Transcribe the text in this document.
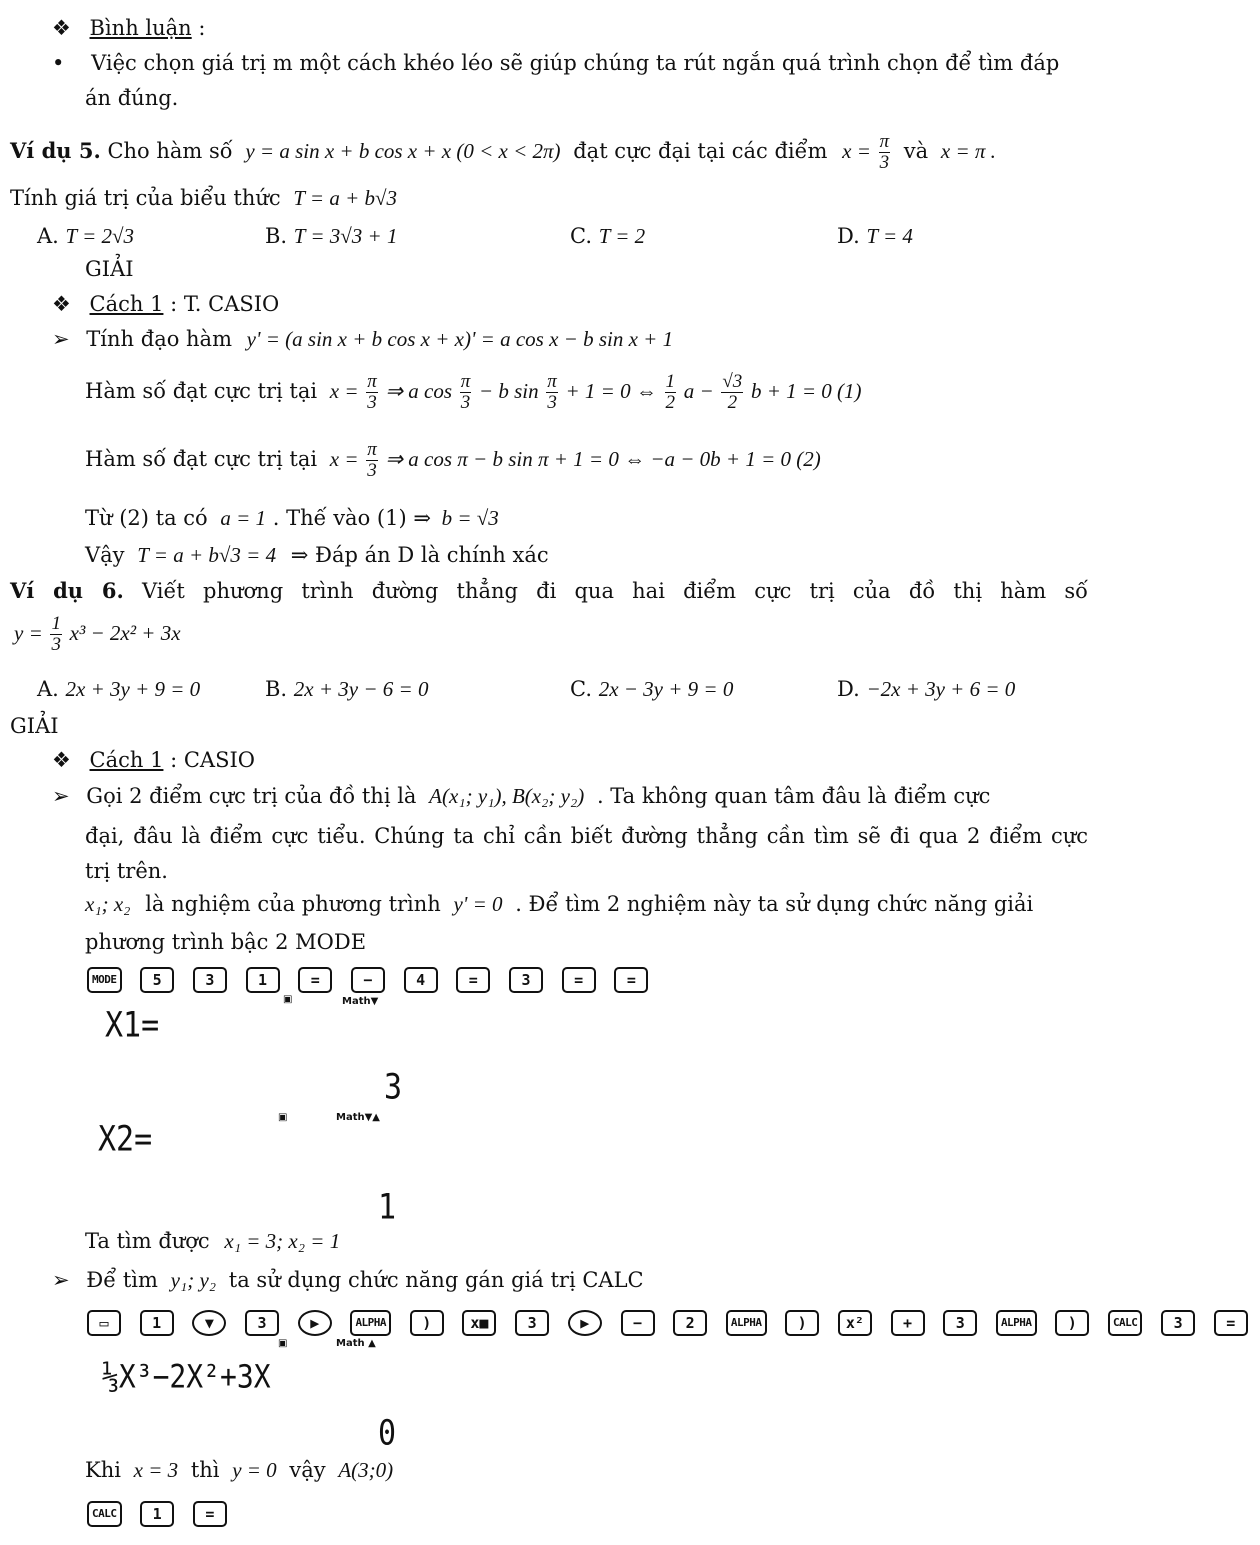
❖ Bình luận :
• Việc chọn giá trị m một cách khéo léo sẽ giúp chúng ta rút ngắn quá trình chọn để tìm đáp
án đúng.
Ví dụ 5. Cho hàm số y = a sin x + b cos x + x (0 < x < 2π) đạt cực đại tại các điểm $x = \frac{\pi}{3}$ và x = π .
Tính giá trị của biểu thức T = a + b√3
A. T = 2√3	B. T = 3√3 + 1	C. T = 2	D. T = 4
GIẢI
❖ Cách 1 : T. CASIO
➢ Tính đạo hàm y' = (a sin x + b cos x + x)' = a cos x − b sin x + 1
Hàm số đạt cực trị tại $x = \frac{\pi}{3}$ ⇒ a $\cos \frac{\pi}{3} - b$ $\sin \frac{\pi}{3} + 1 = 0$ ⇔ $\frac{1}{2}$ $a - \frac{√3}{2}$ b + 1 = 0 (1)
Hàm số đạt cực trị tại $x = \frac{\pi}{3}$ ⇒ a cos π − b sin π + 1 = 0 ⇔ −a − 0b + 1 = 0 (2)
Từ (2) ta có a = 1 . Thế vào (1) ⇒ b = √3
Vậy T = a + b√3 = 4 ⇒ Đáp án D là chính xác
Ví dụ 6. Viết phương trình đường thẳng đi qua hai điểm cực trị của đồ thị hàm số
$y = \frac{1}{3} x^3 - 2x^2 + 3x$
A. 2x + 3y + 9 = 0	B. 2x + 3y − 6 = 0	C. 2x − 3y + 9 = 0	D. −2x + 3y + 6 = 0
GIẢI
❖ Cách 1 : CASIO
➢ Gọi 2 điểm cực trị của đồ thị là A(x₁; y₁), B(x₂; y₂) . Ta không quan tâm đâu là điểm cực
đại, đâu là điểm cực tiểu. Chúng ta chỉ cần biết đường thẳng cần tìm sẽ đi qua 2 điểm cực
trị trên.
x₁; x₂ là nghiệm của phương trình y' = 0 . Để tìm 2 nghiệm này ta sử dụng chức năng giải
phương trình bậc 2 MODE
MODE 5	3	1	=	−	4	=	3	=	=
▣	Math▼
X1=
3
▣	Math▼▲
X2=
1
Ta tìm được x₁ = 3; x₂ = 1
➢ Để tìm y₁; y₂ ta sử dụng chức năng gán giá trị CALC
▭	1	▼	3	▶	ALPHA )	x■	3	▶	−	2	ALPHA )	x²	+	3	ALPHA )	CALC 3	=
▣	Math ▲
⅓X³−2X²+3X
0
Khi x = 3 thì y = 0 vậy A(3;0)
CALC 1	=
